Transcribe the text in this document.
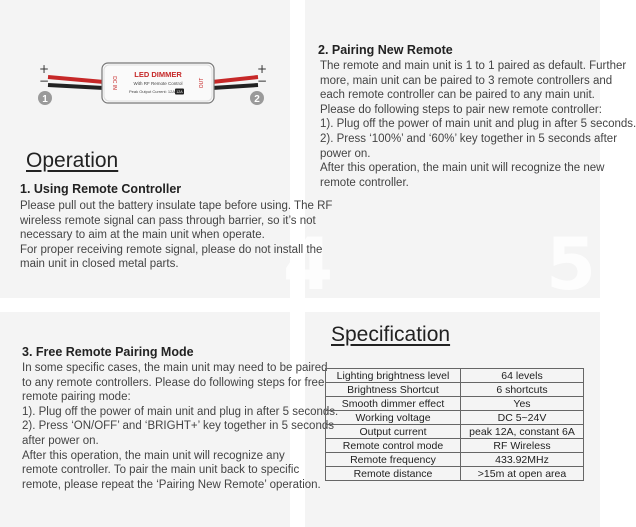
4	5
DC IN	OUT
LED DIMMER
With RF Remote Control
Peak Output Current: 12A 12A
+
−
+
−
1	2
Operation
1. Using Remote Controller
Please pull out the battery insulate tape before using. The RF
wireless remote signal can pass through barrier, so it’s not
necessary to aim at the main unit when operate.
For proper receiving remote signal, please do not install the
main unit in closed metal parts.
2. Pairing New Remote
The remote and main unit is 1 to 1 paired as default. Further
more, main unit can be paired to 3 remote controllers and
each remote controller can be paired to any main unit.
Please do following steps to pair new remote controller:
1). Plug off the power of main unit and plug in after 5 seconds.
2). Press ‘100%’ and ‘60%’ key together in 5 seconds after
power on.
After this operation, the main unit will recognize the new
remote controller.
3. Free Remote Pairing Mode
In some specific cases, the main unit may need to be paired
to any remote controllers. Please do following steps for free
remote pairing mode:
1). Plug off the power of main unit and plug in after 5 seconds.
2). Press ‘ON/OFF’ and ‘BRIGHT+’ key together in 5 seconds
after power on.
After this operation, the main unit will recognize any
remote controller. To pair the main unit back to specific
remote, please repeat the ‘Pairing New Remote’ operation.
Specification
Lighting brightness level	64 levels
Brightness Shortcut	6 shortcuts
Smooth dimmer effect	Yes
Working voltage	DC 5~24V
Output current	peak 12A, constant 6A
Remote control mode	RF Wireless
Remote frequency	433.92MHz
Remote distance	>15m at open area
